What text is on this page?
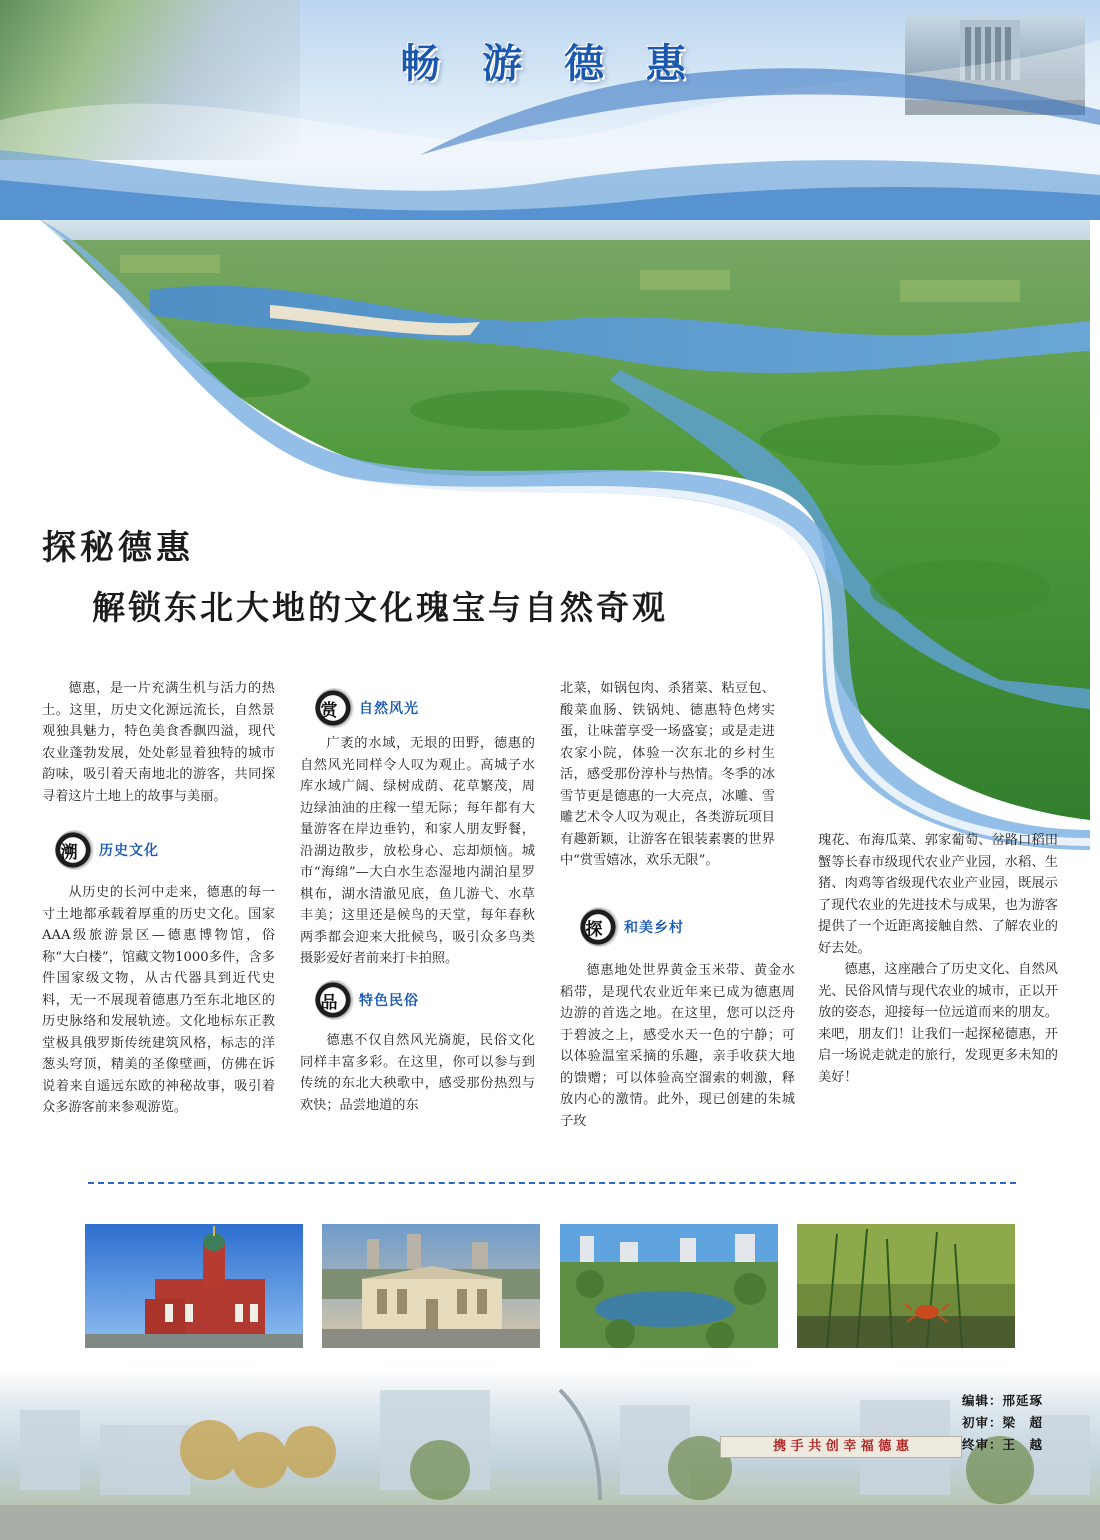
畅 游 德 惠
探秘德惠
解锁东北大地的文化瑰宝与自然奇观

德惠，是一片充满生机与活力的热土。这里，历史文化源远流长，自然景观独具魅力，特色美食香飘四溢，现代农业蓬勃发展，处处彰显着独特的城市韵味，吸引着天南地北的游客，共同探寻着这片土地上的故事与美丽。

溯 历史文化

从历史的长河中走来，德惠的每一寸土地都承载着厚重的历史文化。国家AAA级旅游景区—德惠博物馆，俗称“大白楼”，馆藏文物1000多件，含多件国家级文物，从古代器具到近代史料，无一不展现着德惠乃至东北地区的历史脉络和发展轨迹。文化地标东正教堂极具俄罗斯传统建筑风格，标志的洋葱头穹顶，精美的圣像壁画，仿佛在诉说着来自遥远东欧的神秘故事，吸引着众多游客前来参观游览。

赏 自然风光

广袤的水域，无垠的田野，德惠的自然风光同样令人叹为观止。高城子水库水域广阔、绿树成荫、花草繁茂，周边绿油油的庄稼一望无际；每年都有大量游客在岸边垂钓，和家人朋友野餐，沿湖边散步，放松身心、忘却烦恼。城市“海绵”—大白水生态湿地内湖泊星罗棋布，湖水清澈见底，鱼儿游弋、水草丰美；这里还是候鸟的天堂，每年春秋两季都会迎来大批候鸟，吸引众多鸟类摄影爱好者前来打卡拍照。

品 特色民俗

德惠不仅自然风光旖旎，民俗文化同样丰富多彩。在这里，你可以参与到传统的东北大秧歌中，感受那份热烈与欢快；品尝地道的东

北菜，如锅包肉、杀猪菜、粘豆包、酸菜血肠、铁锅炖、德惠特色烤实蛋，让味蕾享受一场盛宴；或是走进农家小院，体验一次东北的乡村生活，感受那份淳朴与热情。冬季的冰雪节更是德惠的一大亮点，冰雕、雪雕艺术令人叹为观止，各类游玩项目有趣新颖，让游客在银装素裹的世界中“赏雪嬉冰，欢乐无限”。

探 和美乡村

德惠地处世界黄金玉米带、黄金水稻带，是现代农业近年来已成为德惠周边游的首选之地。在这里，您可以泛舟于碧波之上，感受水天一色的宁静；可以体验温室采摘的乐趣，亲手收获大地的馈赠；可以体验高空溜索的刺激，释放内心的激情。此外，现已创建的朱城子玫

瑰花、布海瓜菜、郭家葡萄、岔路口稻田蟹等长春市级现代农业产业园，水稻、生猪、肉鸡等省级现代农业产业园，既展示了现代农业的先进技术与成果，也为游客提供了一个近距离接触自然、了解农业的好去处。

德惠，这座融合了历史文化、自然风光、民俗风情与现代农业的城市，正以开放的姿态，迎接每一位远道而来的朋友。来吧，朋友们！让我们一起探秘德惠，开启一场说走就走的旅行，发现更多未知的美好！

携 手 共 创 幸 福 德 惠
编辑：邢延琢
初审：梁　超
终审：王　越
